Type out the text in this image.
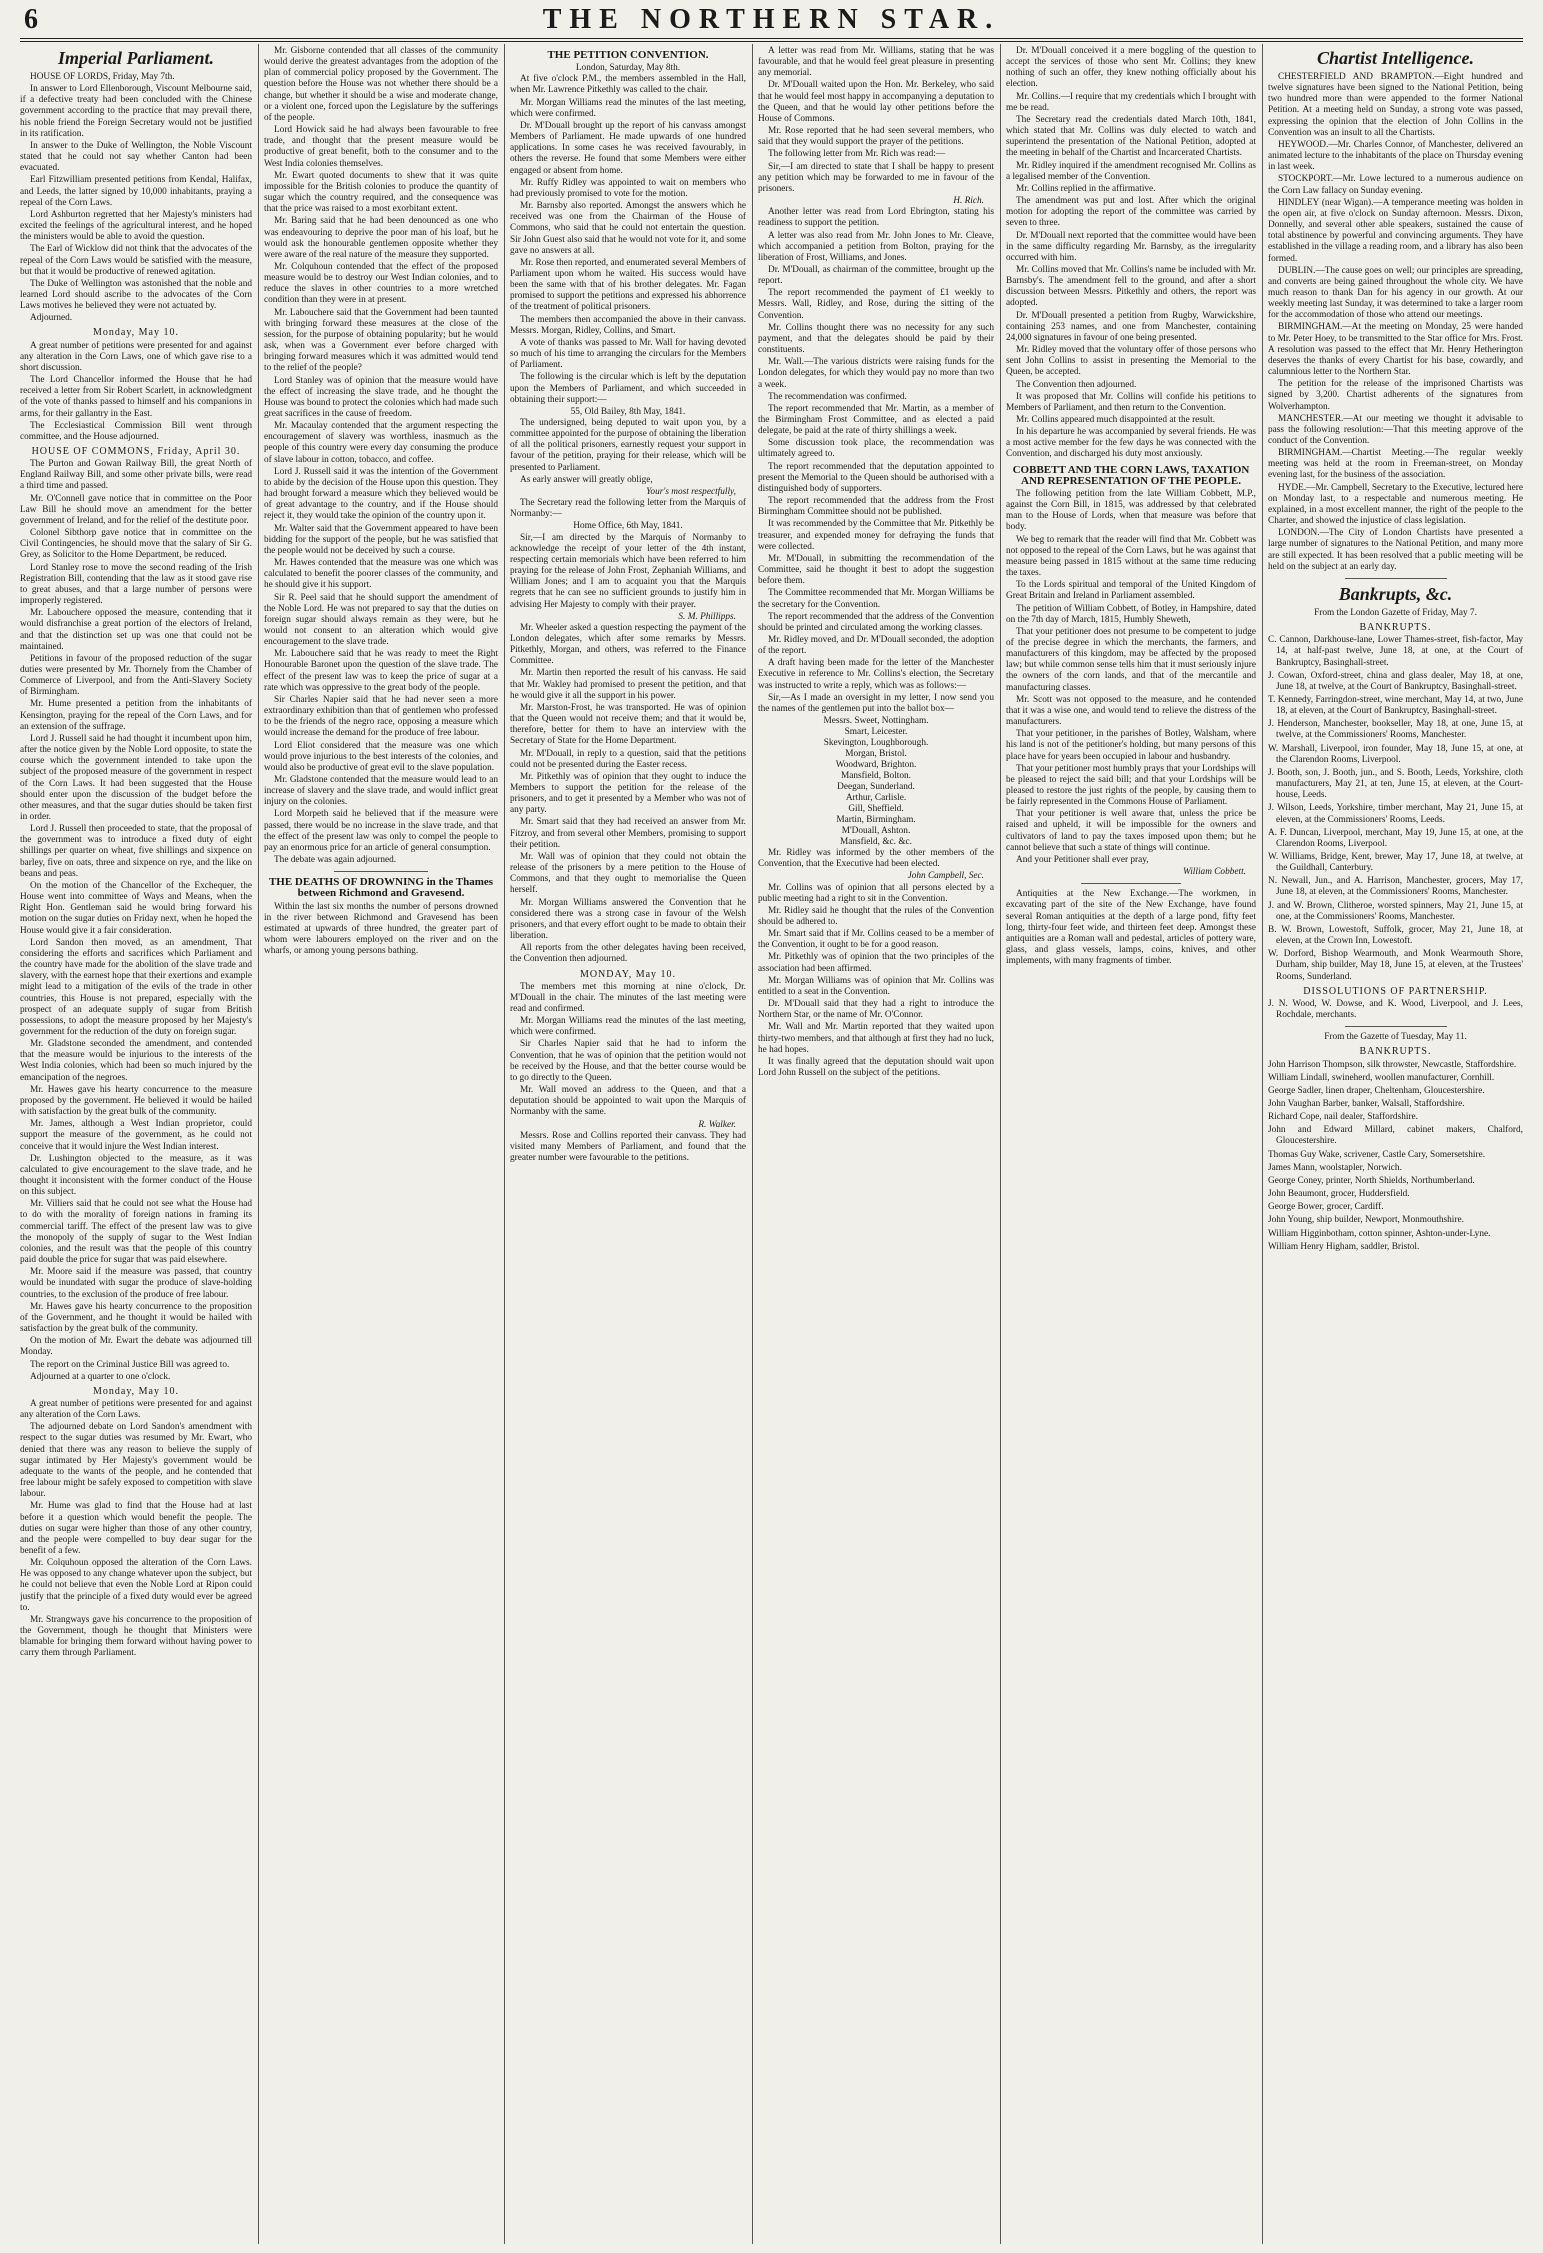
6	THE NORTHERN STAR.
Imperial Parliament.

HOUSE OF LORDS, Friday, May 7th.

In answer to Lord Ellenborough, Viscount Melbourne said, if a defective treaty had been concluded with the Chinese government according to the practice that may prevail there, his noble friend the Foreign Secretary would not be justified in its ratification.

In answer to the Duke of Wellington, the Noble Viscount stated that he could not say whether Canton had been evacuated.

Earl Fitzwilliam presented petitions from Kendal, Halifax, and Leeds, the latter signed by 10,000 inhabitants, praying a repeal of the Corn Laws.

Lord Ashburton regretted that her Majesty's ministers had excited the feelings of the agricultural interest, and he hoped the ministers would be able to avoid the question.

The Earl of Wicklow did not think that the advocates of the repeal of the Corn Laws would be satisfied with the measure, but that it would be productive of renewed agitation.

The Duke of Wellington was astonished that the noble and learned Lord should ascribe to the advocates of the Corn Laws motives he believed they were not actuated by.

Adjourned.

Monday, May 10.

A great number of petitions were presented for and against any alteration in the Corn Laws, one of which gave rise to a short discussion.

The Lord Chancellor informed the House that he had received a letter from Sir Robert Scarlett, in acknowledgment of the vote of thanks passed to himself and his companions in arms, for their gallantry in the East.

The Ecclesiastical Commission Bill went through committee, and the House adjourned.

HOUSE OF COMMONS, Friday, April 30.

The Purton and Gowan Railway Bill, the great North of England Railway Bill, and some other private bills, were read a third time and passed.

Mr. O'Connell gave notice that in committee on the Poor Law Bill he should move an amendment for the better government of Ireland, and for the relief of the destitute poor.

Colonel Sibthorp gave notice that in committee on the Civil Contingencies, he should move that the salary of Sir G. Grey, as Solicitor to the Home Department, be reduced.

Lord Stanley rose to move the second reading of the Irish Registration Bill, contending that the law as it stood gave rise to great abuses, and that a large number of persons were improperly registered.

Mr. Labouchere opposed the measure, contending that it would disfranchise a great portion of the electors of Ireland, and that the distinction set up was one that could not be maintained.

Petitions in favour of the proposed reduction of the sugar duties were presented by Mr. Thornely from the Chamber of Commerce of Liverpool, and from the Anti-Slavery Society of Birmingham.

Mr. Hume presented a petition from the inhabitants of Kensington, praying for the repeal of the Corn Laws, and for an extension of the suffrage.

Lord J. Russell said he had thought it incumbent upon him, after the notice given by the Noble Lord opposite, to state the course which the government intended to take upon the subject of the proposed measure of the government in respect of the Corn Laws. It had been suggested that the House should enter upon the discussion of the budget before the other measures, and that the sugar duties should be taken first in order.

Lord J. Russell then proceeded to state, that the proposal of the government was to introduce a fixed duty of eight shillings per quarter on wheat, five shillings and sixpence on barley, five on oats, three and sixpence on rye, and the like on beans and peas.

On the motion of the Chancellor of the Exchequer, the House went into committee of Ways and Means, when the Right Hon. Gentleman said he would bring forward his motion on the sugar duties on Friday next, when he hoped the House would give it a fair consideration.

Lord Sandon then moved, as an amendment, That considering the efforts and sacrifices which Parliament and the country have made for the abolition of the slave trade and slavery, with the earnest hope that their exertions and example might lead to a mitigation of the evils of the trade in other countries, this House is not prepared, especially with the prospect of an adequate supply of sugar from British possessions, to adopt the measure proposed by her Majesty's government for the reduction of the duty on foreign sugar.

Mr. Gladstone seconded the amendment, and contended that the measure would be injurious to the interests of the West India colonies, which had been so much injured by the emancipation of the negroes.

Mr. Hawes gave his hearty concurrence to the measure proposed by the government. He believed it would be hailed with satisfaction by the great bulk of the community.

Mr. James, although a West Indian proprietor, could support the measure of the government, as he could not conceive that it would injure the West Indian interest.

Dr. Lushington objected to the measure, as it was calculated to give encouragement to the slave trade, and he thought it inconsistent with the former conduct of the House on this subject.

Mr. Villiers said that he could not see what the House had to do with the morality of foreign nations in framing its commercial tariff. The effect of the present law was to give the monopoly of the supply of sugar to the West Indian colonies, and the result was that the people of this country paid double the price for sugar that was paid elsewhere.

Mr. Moore said if the measure was passed, that country would be inundated with sugar the produce of slave-holding countries, to the exclusion of the produce of free labour.

Mr. Hawes gave his hearty concurrence to the proposition of the Government, and he thought it would be hailed with satisfaction by the great bulk of the community.

On the motion of Mr. Ewart the debate was adjourned till Monday.

The report on the Criminal Justice Bill was agreed to.

Adjourned at a quarter to one o'clock.

Monday, May 10.

A great number of petitions were presented for and against any alteration of the Corn Laws.

The adjourned debate on Lord Sandon's amendment with respect to the sugar duties was resumed by Mr. Ewart, who denied that there was any reason to believe the supply of sugar intimated by Her Majesty's government would be adequate to the wants of the people, and he contended that free labour might be safely exposed to competition with slave labour.

Mr. Hume was glad to find that the House had at last before it a question which would benefit the people. The duties on sugar were higher than those of any other country, and the people were compelled to buy dear sugar for the benefit of a few.

Mr. Colquhoun opposed the alteration of the Corn Laws. He was opposed to any change whatever upon the subject, but he could not believe that even the Noble Lord at Ripon could justify that the principle of a fixed duty would ever be agreed to.

Mr. Strangways gave his concurrence to the proposition of the Government, though he thought that Ministers were blamable for bringing them forward without having power to carry them through Parliament.

Mr. Gisborne contended that all classes of the community would derive the greatest advantages from the adoption of the plan of commercial policy proposed by the Government. The question before the House was not whether there should be a change, but whether it should be a wise and moderate change, or a violent one, forced upon the Legislature by the sufferings of the people.

Lord Howick said he had always been favourable to free trade, and thought that the present measure would be productive of great benefit, both to the consumer and to the West India colonies themselves.

Mr. Ewart quoted documents to shew that it was quite impossible for the British colonies to produce the quantity of sugar which the country required, and the consequence was that the price was raised to a most exorbitant extent.

Mr. Baring said that he had been denounced as one who was endeavouring to deprive the poor man of his loaf, but he would ask the honourable gentlemen opposite whether they were aware of the real nature of the measure they supported.

Mr. Colquhoun contended that the effect of the proposed measure would be to destroy our West Indian colonies, and to reduce the slaves in other countries to a more wretched condition than they were in at present.

Mr. Labouchere said that the Government had been taunted with bringing forward these measures at the close of the session, for the purpose of obtaining popularity; but he would ask, when was a Government ever before charged with bringing forward measures which it was admitted would tend to the relief of the people?

Lord Stanley was of opinion that the measure would have the effect of increasing the slave trade, and he thought the House was bound to protect the colonies which had made such great sacrifices in the cause of freedom.

Mr. Macaulay contended that the argument respecting the encouragement of slavery was worthless, inasmuch as the people of this country were every day consuming the produce of slave labour in cotton, tobacco, and coffee.

Lord J. Russell said it was the intention of the Government to abide by the decision of the House upon this question. They had brought forward a measure which they believed would be of great advantage to the country, and if the House should reject it, they would take the opinion of the country upon it.

Mr. Walter said that the Government appeared to have been bidding for the support of the people, but he was satisfied that the people would not be deceived by such a course.

Mr. Hawes contended that the measure was one which was calculated to benefit the poorer classes of the community, and he should give it his support.

Sir R. Peel said that he should support the amendment of the Noble Lord. He was not prepared to say that the duties on foreign sugar should always remain as they were, but he would not consent to an alteration which would give encouragement to the slave trade.

Mr. Labouchere said that he was ready to meet the Right Honourable Baronet upon the question of the slave trade. The effect of the present law was to keep the price of sugar at a rate which was oppressive to the great body of the people.

Sir Charles Napier said that he had never seen a more extraordinary exhibition than that of gentlemen who professed to be the friends of the negro race, opposing a measure which would increase the demand for the produce of free labour.

Lord Eliot considered that the measure was one which would prove injurious to the best interests of the colonies, and would also be productive of great evil to the slave population.

Mr. Gladstone contended that the measure would lead to an increase of slavery and the slave trade, and would inflict great injury on the colonies.

Lord Morpeth said he believed that if the measure were passed, there would be no increase in the slave trade, and that the effect of the present law was only to compel the people to pay an enormous price for an article of general consumption.

The debate was again adjourned.

THE DEATHS OF DROWNING in the Thames between Richmond and Gravesend.

Within the last six months the number of persons drowned in the river between Richmond and Gravesend has been estimated at upwards of three hundred, the greater part of whom were labourers employed on the river and on the wharfs, or among young persons bathing.

THE PETITION CONVENTION.
London, Saturday, May 8th.

At five o'clock P.M., the members assembled in the Hall, when Mr. Lawrence Pitkethly was called to the chair.

Mr. Morgan Williams read the minutes of the last meeting, which were confirmed.

Dr. M'Douall brought up the report of his canvass amongst Members of Parliament. He made upwards of one hundred applications. In some cases he was received favourably, in others the reverse. He found that some Members were either engaged or absent from home.

Mr. Ruffy Ridley was appointed to wait on members who had previously promised to vote for the motion.

Mr. Barnsby also reported. Amongst the answers which he received was one from the Chairman of the House of Commons, who said that he could not entertain the question. Sir John Guest also said that he would not vote for it, and some gave no answers at all.

Mr. Rose then reported, and enumerated several Members of Parliament upon whom he waited. His success would have been the same with that of his brother delegates. Mr. Fagan promised to support the petitions and expressed his abhorrence of the treatment of political prisoners.

The members then accompanied the above in their canvass. Messrs. Morgan, Ridley, Collins, and Smart.

A vote of thanks was passed to Mr. Wall for having devoted so much of his time to arranging the circulars for the Members of Parliament.

The following is the circular which is left by the deputation upon the Members of Parliament, and which succeeded in obtaining their support:—

55, Old Bailey, 8th May, 1841.

The undersigned, being deputed to wait upon you, by a committee appointed for the purpose of obtaining the liberation of all the political prisoners, earnestly request your support in favour of the petition, praying for their release, which will be presented to Parliament.

As early answer will greatly oblige,

Your's most respectfully,

The Secretary read the following letter from the Marquis of Normanby:—

Home Office, 6th May, 1841.

Sir,—I am directed by the Marquis of Normanby to acknowledge the receipt of your letter of the 4th instant, respecting certain memorials which have been referred to him praying for the release of John Frost, Zephaniah Williams, and William Jones; and I am to acquaint you that the Marquis regrets that he can see no sufficient grounds to justify him in advising Her Majesty to comply with their prayer.

S. M. Phillipps.

Mr. Wheeler asked a question respecting the payment of the London delegates, which after some remarks by Messrs. Pitkethly, Morgan, and others, was referred to the Finance Committee.

Mr. Martin then reported the result of his canvass. He said that Mr. Wakley had promised to present the petition, and that he would give it all the support in his power.

Mr. Marston-Frost, he was transported. He was of opinion that the Queen would not receive them; and that it would be, therefore, better for them to have an interview with the Secretary of State for the Home Department.

Mr. M'Douall, in reply to a question, said that the petitions could not be presented during the Easter recess.

Mr. Pitkethly was of opinion that they ought to induce the Members to support the petition for the release of the prisoners, and to get it presented by a Member who was not of any party.

Mr. Smart said that they had received an answer from Mr. Fitzroy, and from several other Members, promising to support their petition.

Mr. Wall was of opinion that they could not obtain the release of the prisoners by a mere petition to the House of Commons, and that they ought to memorialise the Queen herself.

Mr. Morgan Williams answered the Convention that he considered there was a strong case in favour of the Welsh prisoners, and that every effort ought to be made to obtain their liberation.

All reports from the other delegates having been received, the Convention then adjourned.

MONDAY, May 10.

The members met this morning at nine o'clock, Dr. M'Douall in the chair. The minutes of the last meeting were read and confirmed.

Mr. Morgan Williams read the minutes of the last meeting, which were confirmed.

Sir Charles Napier said that he had to inform the Convention, that he was of opinion that the petition would not be received by the House, and that the better course would be to go directly to the Queen.

Mr. Wall moved an address to the Queen, and that a deputation should be appointed to wait upon the Marquis of Normanby with the same.

R. Walker.

Messrs. Rose and Collins reported their canvass. They had visited many Members of Parliament, and found that the greater number were favourable to the petitions.

A letter was read from Mr. Williams, stating that he was favourable, and that he would feel great pleasure in presenting any memorial.

Dr. M'Douall waited upon the Hon. Mr. Berkeley, who said that he would feel most happy in accompanying a deputation to the Queen, and that he would lay other petitions before the House of Commons.

Mr. Rose reported that he had seen several members, who said that they would support the prayer of the petitions.

The following letter from Mr. Rich was read:—

Sir,—I am directed to state that I shall be happy to present any petition which may be forwarded to me in favour of the prisoners.

H. Rich.

Another letter was read from Lord Ebrington, stating his readiness to support the petition.

A letter was also read from Mr. John Jones to Mr. Cleave, which accompanied a petition from Bolton, praying for the liberation of Frost, Williams, and Jones.

Dr. M'Douall, as chairman of the committee, brought up the report.

The report recommended the payment of £1 weekly to Messrs. Wall, Ridley, and Rose, during the sitting of the Convention.

Mr. Collins thought there was no necessity for any such payment, and that the delegates should be paid by their constituents.

Mr. Wall.—The various districts were raising funds for the London delegates, for which they would pay no more than two a week.

The recommendation was confirmed.

The report recommended that Mr. Martin, as a member of the Birmingham Frost Committee, and as elected a paid delegate, be paid at the rate of thirty shillings a week.

Some discussion took place, the recommendation was ultimately agreed to.

The report recommended that the deputation appointed to present the Memorial to the Queen should be authorised with a distinguished body of supporters.

The report recommended that the address from the Frost Birmingham Committee should not be published.

It was recommended by the Committee that Mr. Pitkethly be treasurer, and expended money for defraying the funds that were collected.

Mr. M'Douall, in submitting the recommendation of the Committee, said he thought it best to adopt the suggestion before them.

The Committee recommended that Mr. Morgan Williams be the secretary for the Convention.

The report recommended that the address of the Convention should be printed and circulated among the working classes.

Mr. Ridley moved, and Dr. M'Douall seconded, the adoption of the report.

A draft having been made for the letter of the Manchester Executive in reference to Mr. Collins's election, the Secretary was instructed to write a reply, which was as follows:—

Sir,—As I made an oversight in my letter, I now send you the names of the gentlemen put into the ballot box—

Messrs. Sweet, Nottingham.
Smart, Leicester.
Skevington, Loughborough.
Morgan, Bristol.
Woodward, Brighton.
Mansfield, Bolton.
Deegan, Sunderland.
Arthur, Carlisle.
Gill, Sheffield.
Martin, Birmingham.
M'Douall, Ashton.
Mansfield, &c. &c.

Mr. Ridley was informed by the other members of the Convention, that the Executive had been elected.

John Campbell, Sec.

Mr. Collins was of opinion that all persons elected by a public meeting had a right to sit in the Convention.

Mr. Ridley said he thought that the rules of the Convention should be adhered to.

Mr. Smart said that if Mr. Collins ceased to be a member of the Convention, it ought to be for a good reason.

Mr. Pitkethly was of opinion that the two principles of the association had been affirmed.

Mr. Morgan Williams was of opinion that Mr. Collins was entitled to a seat in the Convention.

Dr. M'Douall said that they had a right to introduce the Northern Star, or the name of Mr. O'Connor.

Mr. Wall and Mr. Martin reported that they waited upon thirty-two members, and that although at first they had no luck, he had hopes.

It was finally agreed that the deputation should wait upon Lord John Russell on the subject of the petitions.

Dr. M'Douall conceived it a mere boggling of the question to accept the services of those who sent Mr. Collins; they knew nothing of such an offer, they knew nothing officially about his election.

Mr. Collins.—I require that my credentials which I brought with me be read.

The Secretary read the credentials dated March 10th, 1841, which stated that Mr. Collins was duly elected to watch and superintend the presentation of the National Petition, adopted at the meeting in behalf of the Chartist and Incarcerated Chartists.

Mr. Ridley inquired if the amendment recognised Mr. Collins as a legalised member of the Convention.

Mr. Collins replied in the affirmative.

The amendment was put and lost. After which the original motion for adopting the report of the committee was carried by seven to three.

Dr. M'Douall next reported that the committee would have been in the same difficulty regarding Mr. Barnsby, as the irregularity occurred with him.

Mr. Collins moved that Mr. Collins's name be included with Mr. Barnsby's. The amendment fell to the ground, and after a short discussion between Messrs. Pitkethly and others, the report was adopted.

Dr. M'Douall presented a petition from Rugby, Warwickshire, containing 253 names, and one from Manchester, containing 24,000 signatures in favour of one being presented.

Mr. Ridley moved that the voluntary offer of those persons who sent John Collins to assist in presenting the Memorial to the Queen, be accepted.

The Convention then adjourned.

It was proposed that Mr. Collins will confide his petitions to Members of Parliament, and then return to the Convention.

Mr. Collins appeared much disappointed at the result.

In his departure he was accompanied by several friends. He was a most active member for the few days he was connected with the Convention, and discharged his duty most anxiously.

COBBETT AND THE CORN LAWS, TAXATION AND REPRESENTATION OF THE PEOPLE.

The following petition from the late William Cobbett, M.P., against the Corn Bill, in 1815, was addressed by that celebrated man to the House of Lords, when that measure was before that body.

We beg to remark that the reader will find that Mr. Cobbett was not opposed to the repeal of the Corn Laws, but he was against that measure being passed in 1815 without at the same time reducing the taxes.

To the Lords spiritual and temporal of the United Kingdom of Great Britain and Ireland in Parliament assembled.

The petition of William Cobbett, of Botley, in Hampshire, dated on the 7th day of March, 1815, Humbly Sheweth,

That your petitioner does not presume to be competent to judge of the precise degree in which the merchants, the farmers, and manufacturers of this kingdom, may be affected by the proposed law; but while common sense tells him that it must seriously injure the owners of the corn lands, and that of the mercantile and manufacturing classes.

Mr. Scott was not opposed to the measure, and he contended that it was a wise one, and would tend to relieve the distress of the manufacturers.

That your petitioner, in the parishes of Botley, Walsham, where his land is not of the petitioner's holding, but many persons of this place have for years been occupied in labour and husbandry.

That your petitioner most humbly prays that your Lordships will be pleased to reject the said bill; and that your Lordships will be pleased to restore the just rights of the people, by causing them to be fairly represented in the Commons House of Parliament.

That your petitioner is well aware that, unless the price be raised and upheld, it will be impossible for the owners and cultivators of land to pay the taxes imposed upon them; but he cannot believe that such a state of things will continue.

And your Petitioner shall ever pray,

William Cobbett.

Antiquities at the New Exchange.—The workmen, in excavating part of the site of the New Exchange, have found several Roman antiquities at the depth of a large pond, fifty feet long, thirty-four feet wide, and thirteen feet deep. Amongst these antiquities are a Roman wall and pedestal, articles of pottery ware, glass, and glass vessels, lamps, coins, knives, and other implements, with many fragments of timber.

Chartist Intelligence.

CHESTERFIELD AND BRAMPTON.—Eight hundred and twelve signatures have been signed to the National Petition, being two hundred more than were appended to the former National Petition. At a meeting held on Sunday, a strong vote was passed, expressing the opinion that the election of John Collins in the Convention was an insult to all the Chartists.

HEYWOOD.—Mr. Charles Connor, of Manchester, delivered an animated lecture to the inhabitants of the place on Thursday evening in last week.

STOCKPORT.—Mr. Lowe lectured to a numerous audience on the Corn Law fallacy on Sunday evening.

HINDLEY (near Wigan).—A temperance meeting was holden in the open air, at five o'clock on Sunday afternoon. Messrs. Dixon, Donnelly, and several other able speakers, sustained the cause of total abstinence by powerful and convincing arguments. They have established in the village a reading room, and a library has also been formed.

DUBLIN.—The cause goes on well; our principles are spreading, and converts are being gained throughout the whole city. We have much reason to thank Dan for his agency in our growth. At our weekly meeting last Sunday, it was determined to take a larger room for the accommodation of those who attend our meetings.

BIRMINGHAM.—At the meeting on Monday, 25 were handed to Mr. Peter Hoey, to be transmitted to the Star office for Mrs. Frost. A resolution was passed to the effect that Mr. Henry Hetherington deserves the thanks of every Chartist for his base, cowardly, and calumnious letter to the Northern Star.

The petition for the release of the imprisoned Chartists was signed by 3,200. Chartist adherents of the signatures from Wolverhampton.

MANCHESTER.—At our meeting we thought it advisable to pass the following resolution:—That this meeting approve of the conduct of the Convention.

BIRMINGHAM.—Chartist Meeting.—The regular weekly meeting was held at the room in Freeman-street, on Monday evening last, for the business of the association.

HYDE.—Mr. Campbell, Secretary to the Executive, lectured here on Monday last, to a respectable and numerous meeting. He explained, in a most excellent manner, the right of the people to the Charter, and showed the injustice of class legislation.

LONDON.—The City of London Chartists have presented a large number of signatures to the National Petition, and many more are still expected. It has been resolved that a public meeting will be held on the subject at an early day.

Bankrupts, &c.
From the London Gazette of Friday, May 7.
BANKRUPTS.
C. Cannon, Darkhouse-lane, Lower Thames-street, fish-factor, May 14, at half-past twelve, June 18, at one, at the Court of Bankruptcy, Basinghall-street.
J. Cowan, Oxford-street, china and glass dealer, May 18, at one, June 18, at twelve, at the Court of Bankruptcy, Basinghall-street.
T. Kennedy, Farringdon-street, wine merchant, May 14, at two, June 18, at eleven, at the Court of Bankruptcy, Basinghall-street.
J. Henderson, Manchester, bookseller, May 18, at one, June 15, at twelve, at the Commissioners' Rooms, Manchester.
W. Marshall, Liverpool, iron founder, May 18, June 15, at one, at the Clarendon Rooms, Liverpool.
J. Booth, son, J. Booth, jun., and S. Booth, Leeds, Yorkshire, cloth manufacturers, May 21, at ten, June 15, at eleven, at the Court-house, Leeds.
J. Wilson, Leeds, Yorkshire, timber merchant, May 21, June 15, at eleven, at the Commissioners' Rooms, Leeds.
A. F. Duncan, Liverpool, merchant, May 19, June 15, at one, at the Clarendon Rooms, Liverpool.
W. Williams, Bridge, Kent, brewer, May 17, June 18, at twelve, at the Guildhall, Canterbury.
N. Newall, Jun., and A. Harrison, Manchester, grocers, May 17, June 18, at eleven, at the Commissioners' Rooms, Manchester.
J. and W. Brown, Clitheroe, worsted spinners, May 21, June 15, at one, at the Commissioners' Rooms, Manchester.
B. W. Brown, Lowestoft, Suffolk, grocer, May 21, June 18, at eleven, at the Crown Inn, Lowestoft.
W. Dorford, Bishop Wearmouth, and Monk Wearmouth Shore, Durham, ship builder, May 18, June 15, at eleven, at the Trustees' Rooms, Sunderland.
DISSOLUTIONS OF PARTNERSHIP.
J. N. Wood, W. Dowse, and K. Wood, Liverpool, and J. Lees, Rochdale, merchants.
From the Gazette of Tuesday, May 11.
BANKRUPTS.
John Harrison Thompson, silk throwster, Newcastle, Staffordshire.
William Lindall, swineherd, woollen manufacturer, Cornhill.
George Sadler, linen draper, Cheltenham, Gloucestershire.
John Vaughan Barber, banker, Walsall, Staffordshire.
Richard Cope, nail dealer, Staffordshire.
John and Edward Millard, cabinet makers, Chalford, Gloucestershire.
Thomas Guy Wake, scrivener, Castle Cary, Somersetshire.
James Mann, woolstapler, Norwich.
George Coney, printer, North Shields, Northumberland.
John Beaumont, grocer, Huddersfield.
George Bower, grocer, Cardiff.
John Young, ship builder, Newport, Monmouthshire.
William Higginbotham, cotton spinner, Ashton-under-Lyne.
William Henry Higham, saddler, Bristol.
